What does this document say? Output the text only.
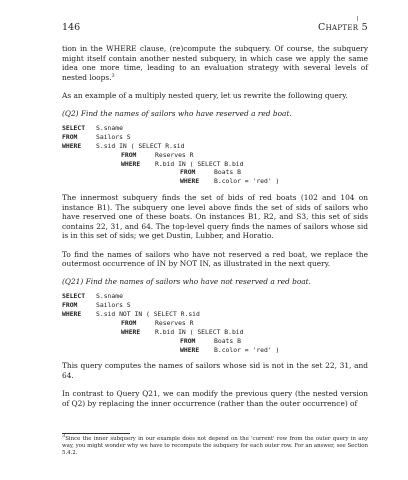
146	Chapter 5

tion in the WHERE clause, (re)compute the subquery. Of course, the subquery might itself contain another nested subquery, in which case we apply the same idea one more time, leading to an evaluation strategy with several levels of nested loops.$^3$

As an example of a multiply nested query, let us rewrite the following query.

(Q2) Find the names of sailors who have reserved a red boat.

SELECT S.sname
FROM	Sailors S
WHERE S.sid IN ( SELECT R.sid
FROM	Reserves R
WHERE R.bid IN ( SELECT B.bid
FROM	Boats B
WHERE B.color = 'red' )

The innermost subquery finds the set of bids of red boats (102 and 104 on instance B1). The subquery one level above finds the set of sids of sailors who have reserved one of these boats. On instances B1, R2, and S3, this set of sids contains 22, 31, and 64. The top-level query finds the names of sailors whose sid is in this set of sids; we get Dustin, Lubber, and Horatio.

To find the names of sailors who have not reserved a red boat, we replace the outermost occurrence of IN by NOT IN, as illustrated in the next query.

(Q21) Find the names of sailors who have not reserved a red boat.

SELECT S.sname
FROM	Sailors S
WHERE S.sid NOT IN ( SELECT R.sid
FROM	Reserves R
WHERE R.bid IN ( SELECT B.bid
FROM	Boats B
WHERE B.color = 'red' )

This query computes the names of sailors whose sid is not in the set 22, 31, and 64.

In contrast to Query Q21, we can modify the previous query (the nested version of Q2) by replacing the inner occurrence (rather than the outer occurrence) of

$^3$Since the inner subquery in our example does not depend on the 'current' row from the outer query in any way, you might wonder why we have to recompute the subquery for each outer row. For an answer, see Section 5.4.2.
